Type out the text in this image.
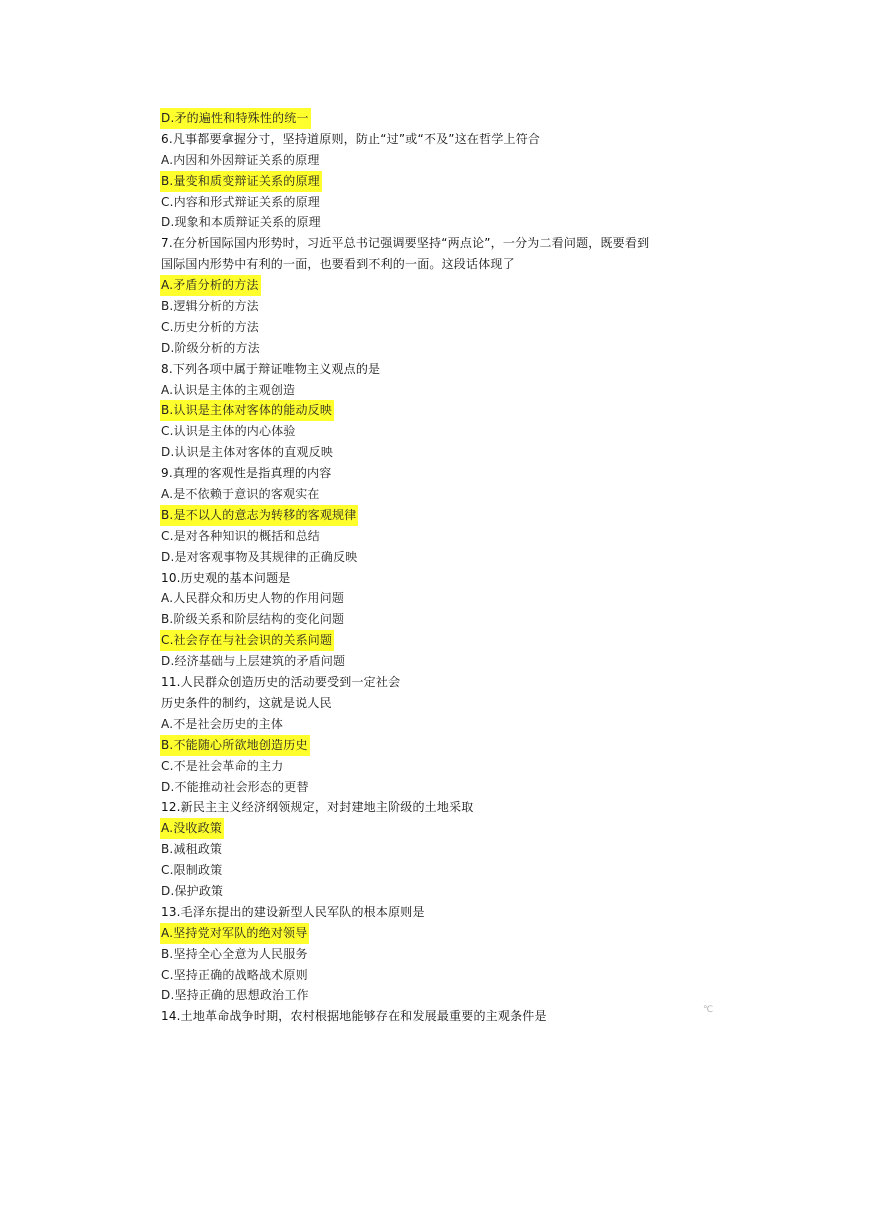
D.矛的遍性和特殊性的统一
6.凡事都要拿握分寸，坚持道原则，防止“过”或“不及”这在哲学上符合
A.内因和外因辩证关系的原理
B.量变和质变辩证关系的原理
C.内容和形式辩证关系的原理
D.现象和本质辩证关系的原理
7.在分析国际国内形势时，习近平总书记强调要坚持“两点论”，一分为二看问题，既要看到
国际国内形势中有利的一面，也要看到不利的一面。这段话体现了
A.矛盾分析的方法
B.逻辑分析的方法
C.历史分析的方法
D.阶级分析的方法
8.下列各项中属于辩证唯物主义观点的是
A.认识是主体的主观创造
B.认识是主体对客体的能动反映
C.认识是主体的内心体验
D.认识是主体对客体的直观反映
9.真理的客观性是指真理的内容
A.是不依赖于意识的客观实在
B.是不以人的意志为转移的客观规律
C.是对各种知识的概括和总结
D.是对客观事物及其规律的正确反映
10.历史观的基本问题是
A.人民群众和历史人物的作用问题
B.阶级关系和阶层结构的变化问题
C.社会存在与社会识的关系问题
D.经济基础与上层建筑的矛盾问题
11.人民群众创造历史的活动要受到一定社会
历史条件的制约，这就是说人民
A.不是社会历史的主体
B.不能随心所欲地创造历史
C.不是社会革命的主力
D.不能推动社会形态的更替
12.新民主主义经济纲领规定，对封建地主阶级的土地采取
A.没收政策
B.减租政策
C.限制政策
D.保护政策
13.毛泽东提出的建设新型人民军队的根本原则是
A.坚持党对军队的绝对领导
B.坚持全心全意为人民服务
C.坚持正确的战略战术原则
D.坚持正确的思想政治工作
14.土地革命战争时期，农村根据地能够存在和发展最重要的主观条件是	℃
